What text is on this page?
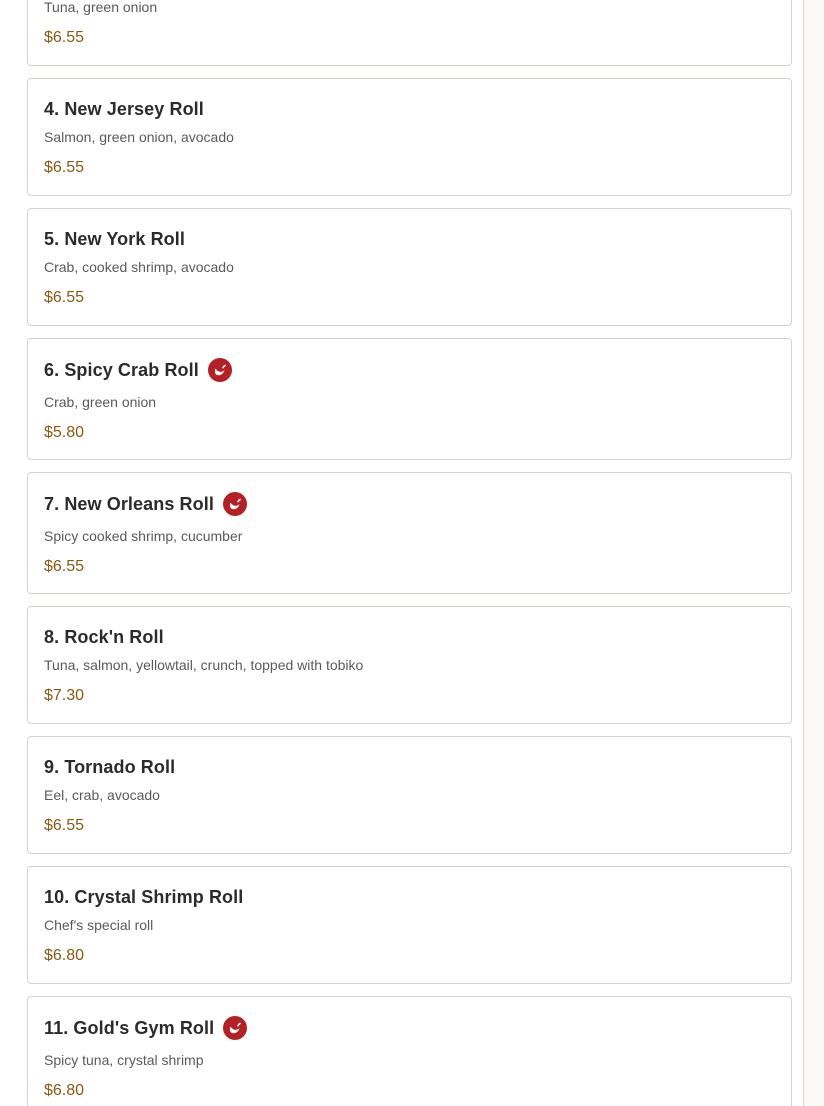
Tuna, green onion
$6.55
4. New Jersey Roll
Salmon, green onion, avocado
$6.55
5. New York Roll
Crab, cooked shrimp, avocado
$6.55
6. Spicy Crab Roll
Crab, green onion
$5.80
7. New Orleans Roll
Spicy cooked shrimp, cucumber
$6.55
8. Rock'n Roll
Tuna, salmon, yellowtail, crunch, topped with tobiko
$7.30
9. Tornado Roll
Eel, crab, avocado
$6.55
10. Crystal Shrimp Roll
Chef's special roll
$6.80
11. Gold's Gym Roll
Spicy tuna, crystal shrimp
$6.80
